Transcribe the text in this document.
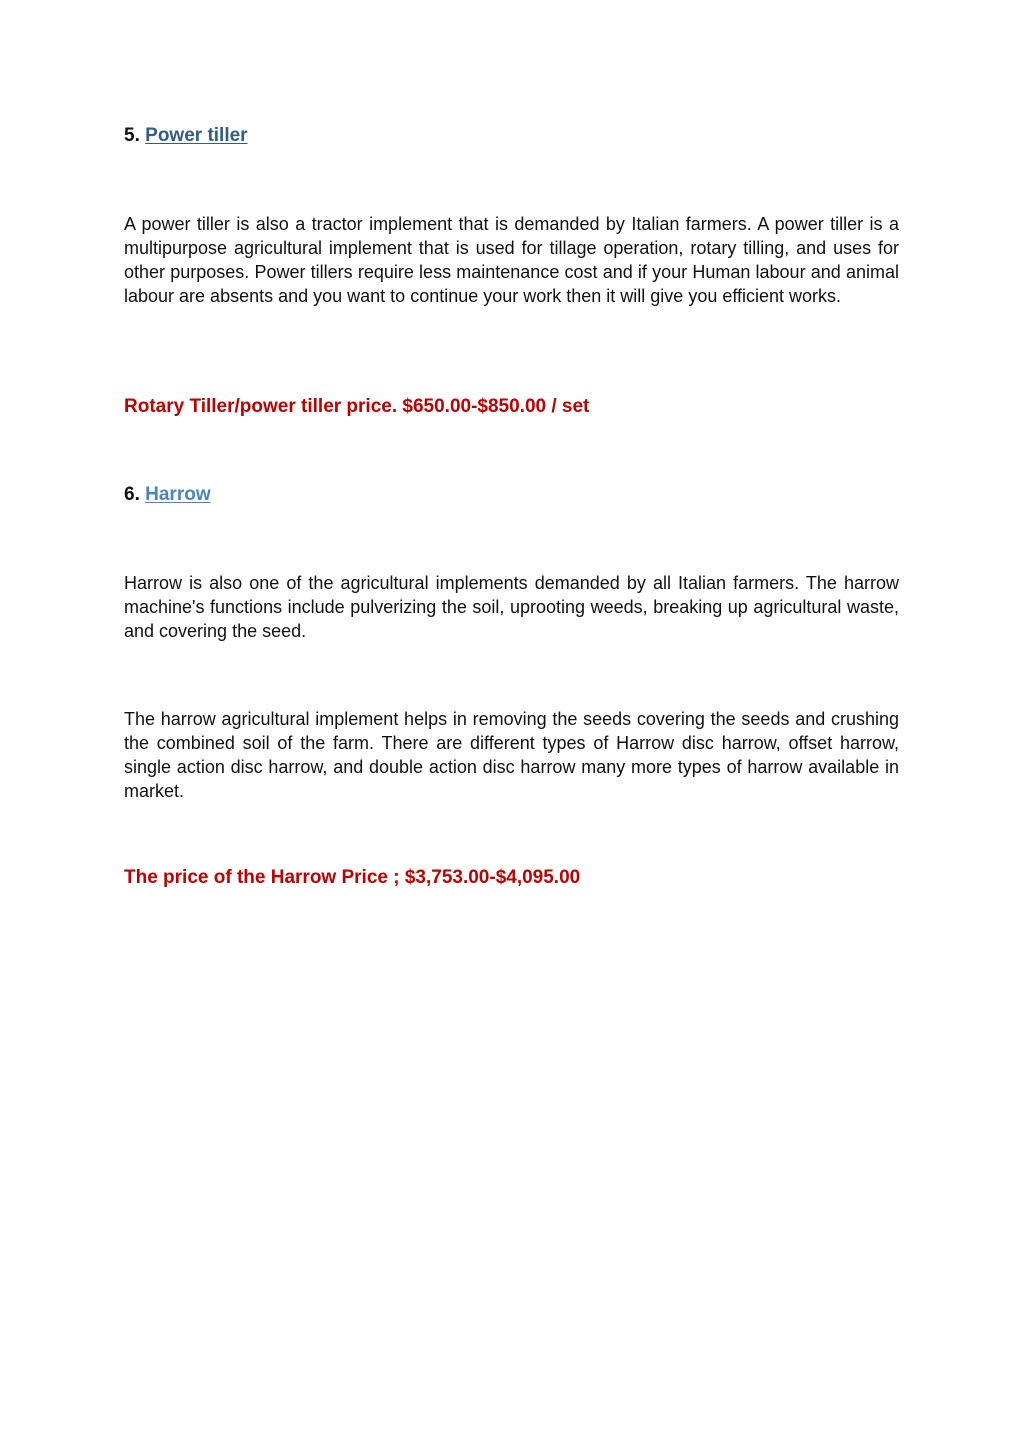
5. Power tiller

A power tiller is also a tractor implement that is demanded by Italian farmers. A power tiller is a multipurpose agricultural implement that is used for tillage operation, rotary tilling, and uses for other purposes. Power tillers require less maintenance cost and if your Human labour and animal labour are absents and you want to continue your work then it will give you efficient works.

Rotary Tiller/power tiller price. $650.00-$850.00 / set

6. Harrow

Harrow is also one of the agricultural implements demanded by all Italian farmers. The harrow machine's functions include pulverizing the soil, uprooting weeds, breaking up agricultural waste, and covering the seed.

The harrow agricultural implement helps in removing the seeds covering the seeds and crushing the combined soil of the farm. There are different types of Harrow disc harrow, offset harrow, single action disc harrow, and double action disc harrow many more types of harrow available in market.

The price of the Harrow Price ; $3,753.00-$4,095.00
